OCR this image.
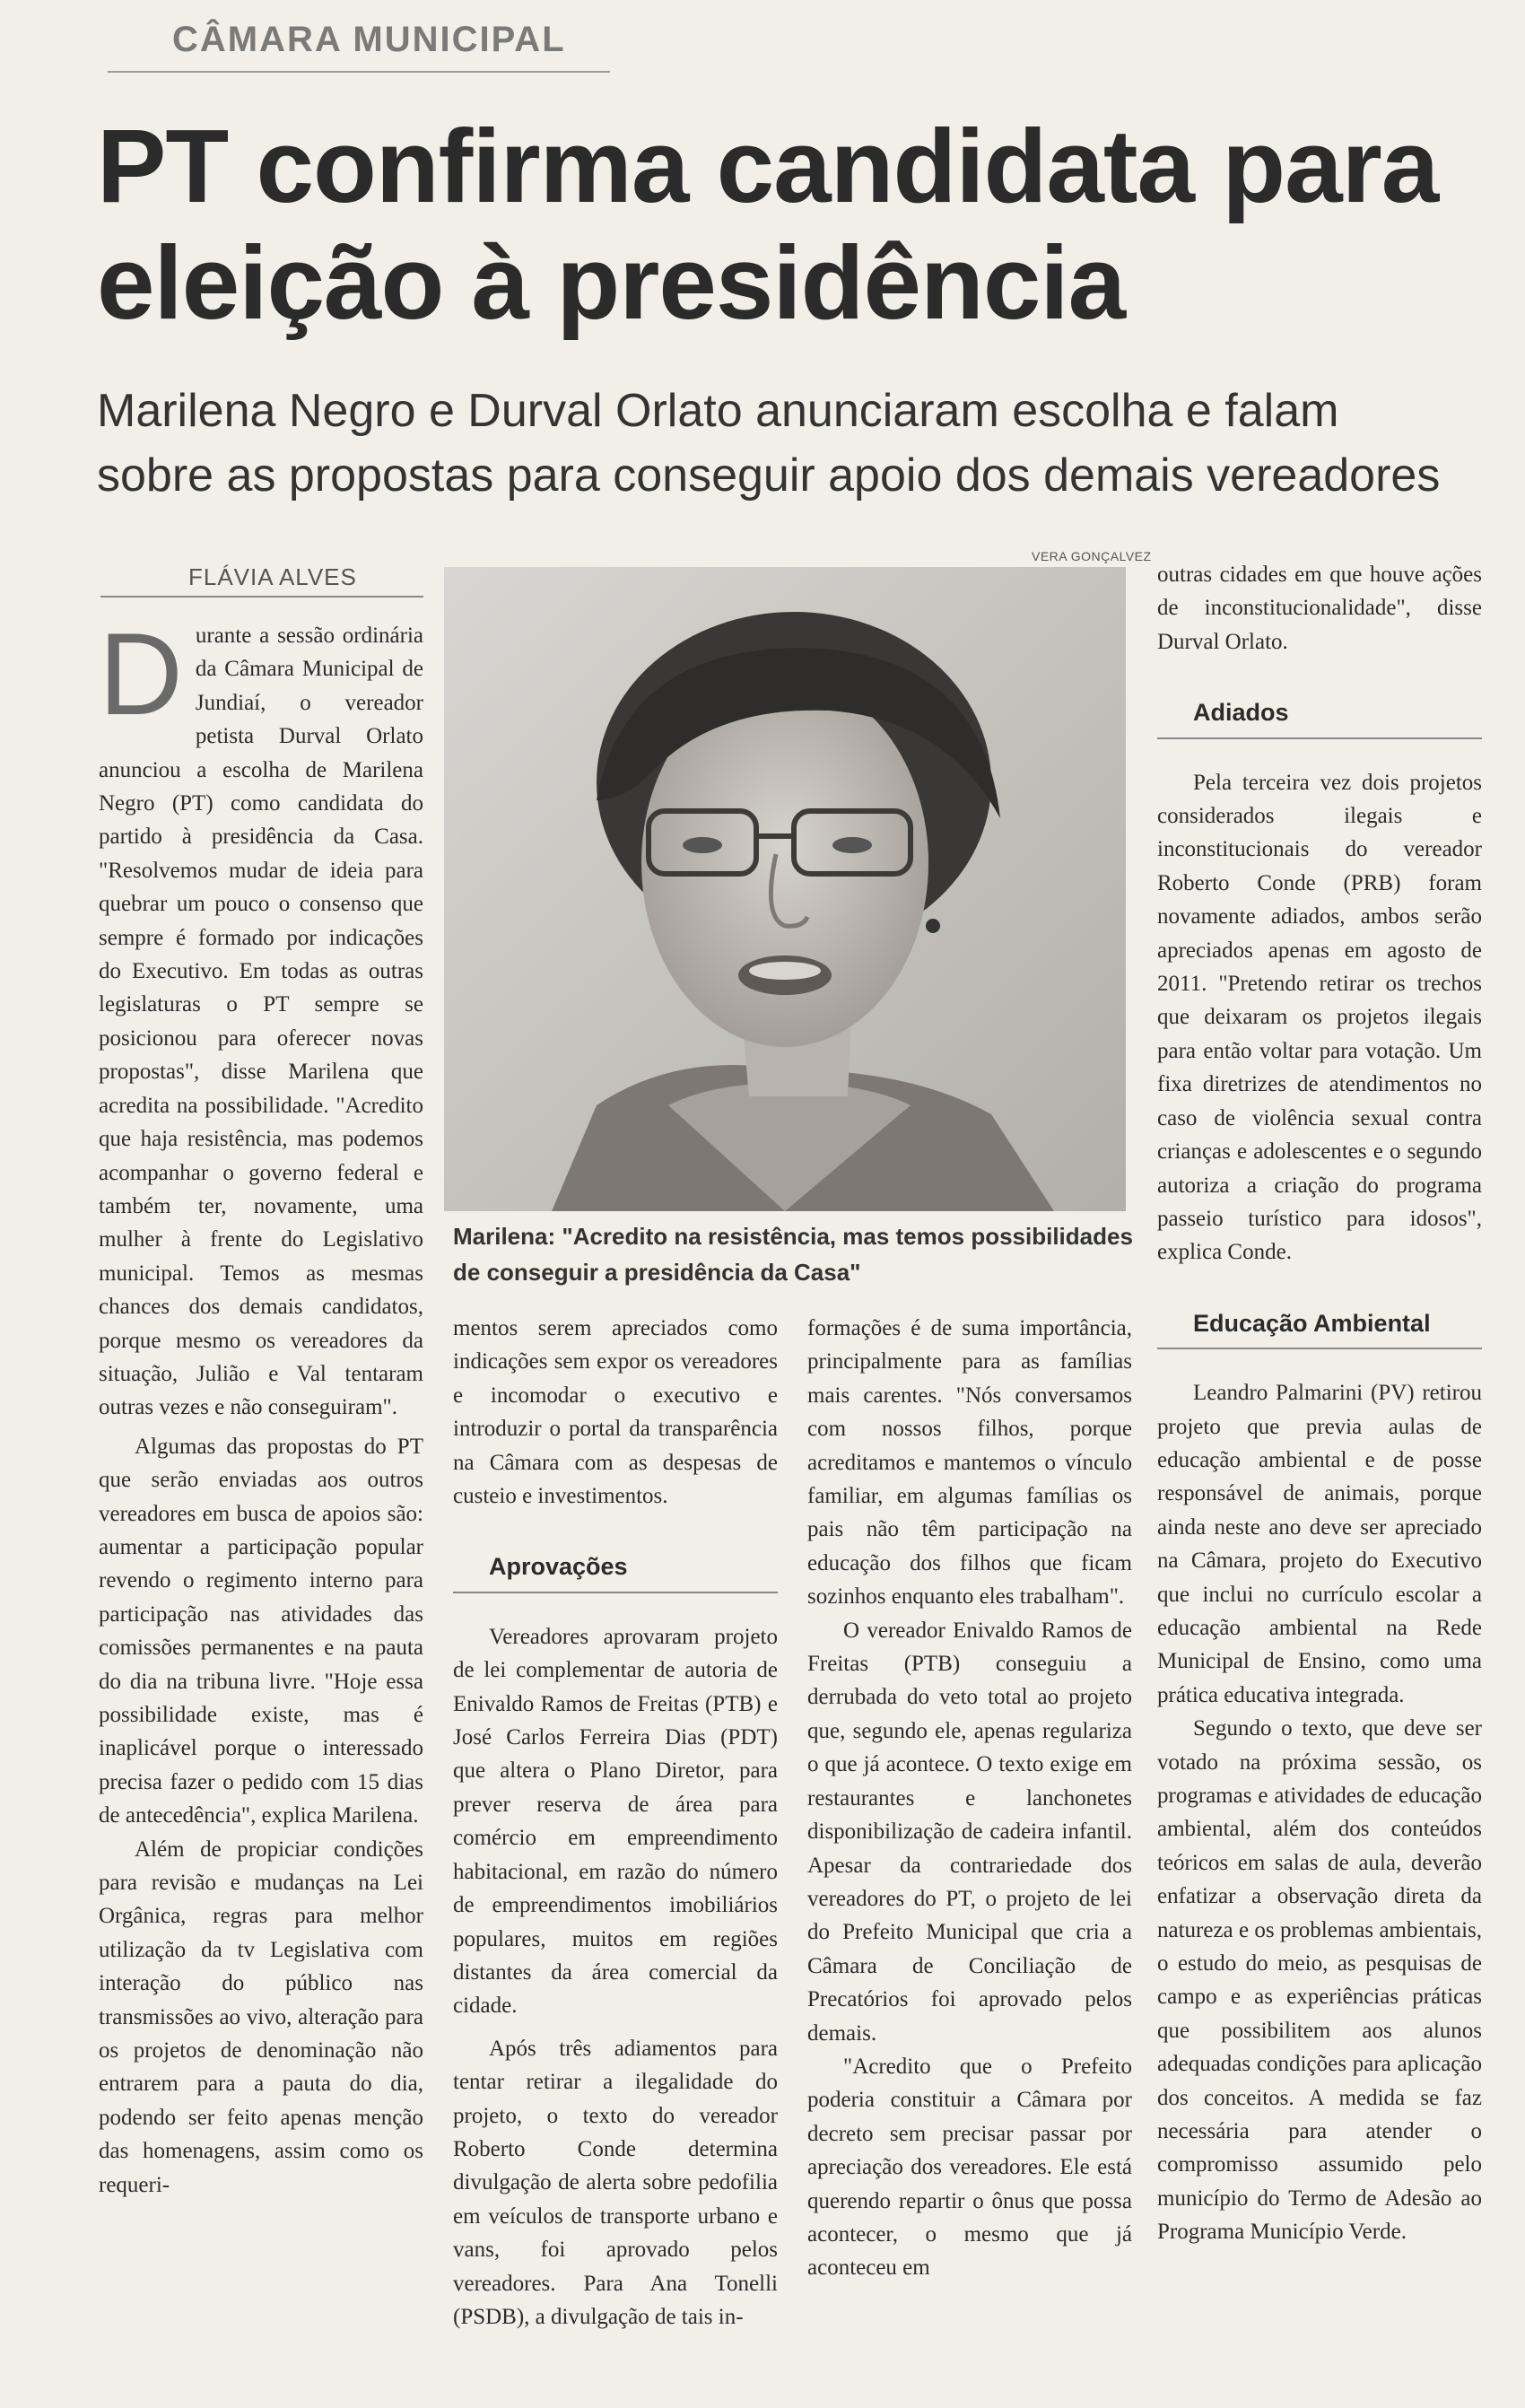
CÂMARA MUNICIPAL
PT confirma candidata para eleição à presidência

Marilena Negro e Durval Orlato anunciaram escolha e falam sobre as propostas para conseguir apoio dos demais vereadores

FLÁVIA ALVES

Durante a sessão ordinária da Câmara Municipal de Jundiaí, o vereador petista Durval Orlato anunciou a escolha de Marilena Negro (PT) como candidata do partido à presidência da Casa. "Resolvemos mudar de ideia para quebrar um pouco o consenso que sempre é formado por indicações do Executivo. Em todas as outras legislaturas o PT sempre se posicionou para oferecer novas propostas", disse Marilena que acredita na possibilidade. "Acredito que haja resistência, mas podemos acompanhar o governo federal e também ter, novamente, uma mulher à frente do Legislativo municipal. Temos as mesmas chances dos demais candidatos, porque mesmo os vereadores da situação, Julião e Val tentaram outras vezes e não conseguiram".

Algumas das propostas do PT que serão enviadas aos outros vereadores em busca de apoios são: aumentar a participação popular revendo o regimento interno para participação nas atividades das comissões permanentes e na pauta do dia na tribuna livre. "Hoje essa possibilidade existe, mas é inaplicável porque o interessado precisa fazer o pedido com 15 dias de antecedência", explica Marilena.

Além de propiciar condições para revisão e mudanças na Lei Orgânica, regras para melhor utilização da tv Legislativa com interação do público nas transmissões ao vivo, alteração para os projetos de denominação não entrarem para a pauta do dia, podendo ser feito apenas menção das homenagens, assim como os requeri-

VERA GONÇALVEZ
Marilena: "Acredito na resistência, mas temos possibilidades de conseguir a presidência da Casa"

mentos serem apreciados como indicações sem expor os vereadores e incomodar o executivo e introduzir o portal da transparência na Câmara com as despesas de custeio e investimentos.

Aprovações

Vereadores aprovaram projeto de lei complementar de autoria de Enivaldo Ramos de Freitas (PTB) e José Carlos Ferreira Dias (PDT) que altera o Plano Diretor, para prever reserva de área para comércio em empreendimento habitacional, em razão do número de empreendimentos imobiliários populares, muitos em regiões distantes da área comercial da cidade.

Após três adiamentos para tentar retirar a ilegalidade do projeto, o texto do vereador Roberto Conde determina divulgação de alerta sobre pedofilia em veículos de transporte urbano e vans, foi aprovado pelos vereadores. Para Ana Tonelli (PSDB), a divulgação de tais in-

formações é de suma importância, principalmente para as famílias mais carentes. "Nós conversamos com nossos filhos, porque acreditamos e mantemos o vínculo familiar, em algumas famílias os pais não têm participação na educação dos filhos que ficam sozinhos enquanto eles trabalham".

O vereador Enivaldo Ramos de Freitas (PTB) conseguiu a derrubada do veto total ao projeto que, segundo ele, apenas regulariza o que já acontece. O texto exige em restaurantes e lanchonetes disponibilização de cadeira infantil. Apesar da contrariedade dos vereadores do PT, o projeto de lei do Prefeito Municipal que cria a Câmara de Conciliação de Precatórios foi aprovado pelos demais.

"Acredito que o Prefeito poderia constituir a Câmara por decreto sem precisar passar por apreciação dos vereadores. Ele está querendo repartir o ônus que possa acontecer, o mesmo que já aconteceu em

outras cidades em que houve ações de inconstitucionalidade", disse Durval Orlato.

Adiados

Pela terceira vez dois projetos considerados ilegais e inconstitucionais do vereador Roberto Conde (PRB) foram novamente adiados, ambos serão apreciados apenas em agosto de 2011. "Pretendo retirar os trechos que deixaram os projetos ilegais para então voltar para votação. Um fixa diretrizes de atendimentos no caso de violência sexual contra crianças e adolescentes e o segundo autoriza a criação do programa passeio turístico para idosos", explica Conde.

Educação Ambiental

Leandro Palmarini (PV) retirou projeto que previa aulas de educação ambiental e de posse responsável de animais, porque ainda neste ano deve ser apreciado na Câmara, projeto do Executivo que inclui no currículo escolar a educação ambiental na Rede Municipal de Ensino, como uma prática educativa integrada.

Segundo o texto, que deve ser votado na próxima sessão, os programas e atividades de educação ambiental, além dos conteúdos teóricos em salas de aula, deverão enfatizar a observação direta da natureza e os problemas ambientais, o estudo do meio, as pesquisas de campo e as experiências práticas que possibilitem aos alunos adequadas condições para aplicação dos conceitos. A medida se faz necessária para atender o compromisso assumido pelo município do Termo de Adesão ao Programa Município Verde.
